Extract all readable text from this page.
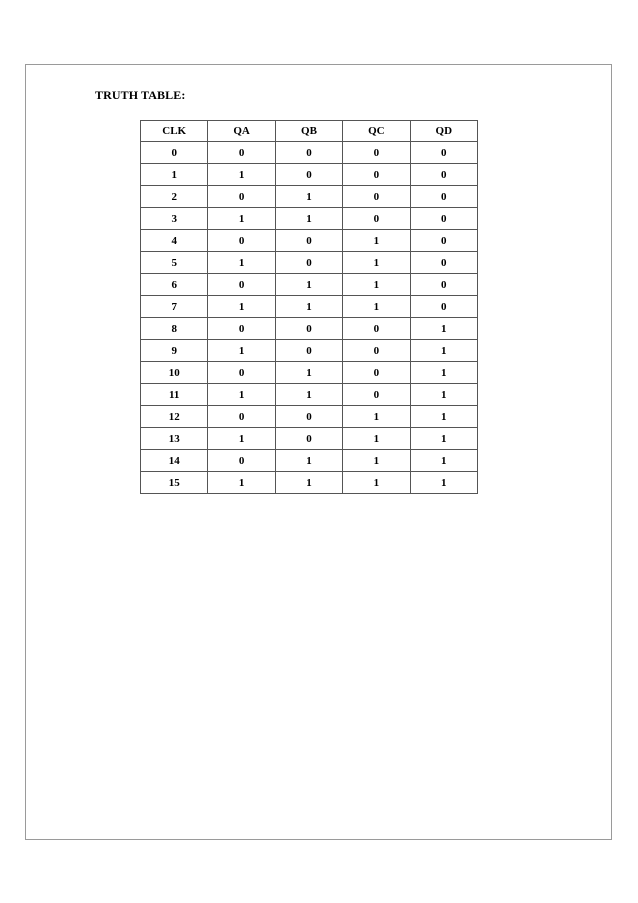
TRUTH TABLE:
CLK	QA	QB	QC	QD
0	0	0	0	0
1	1	0	0	0
2	0	1	0	0
3	1	1	0	0
4	0	0	1	0
5	1	0	1	0
6	0	1	1	0
7	1	1	1	0
8	0	0	0	1
9	1	0	0	1
10	0	1	0	1
11	1	1	0	1
12	0	0	1	1
13	1	0	1	1
14	0	1	1	1
15	1	1	1	1
